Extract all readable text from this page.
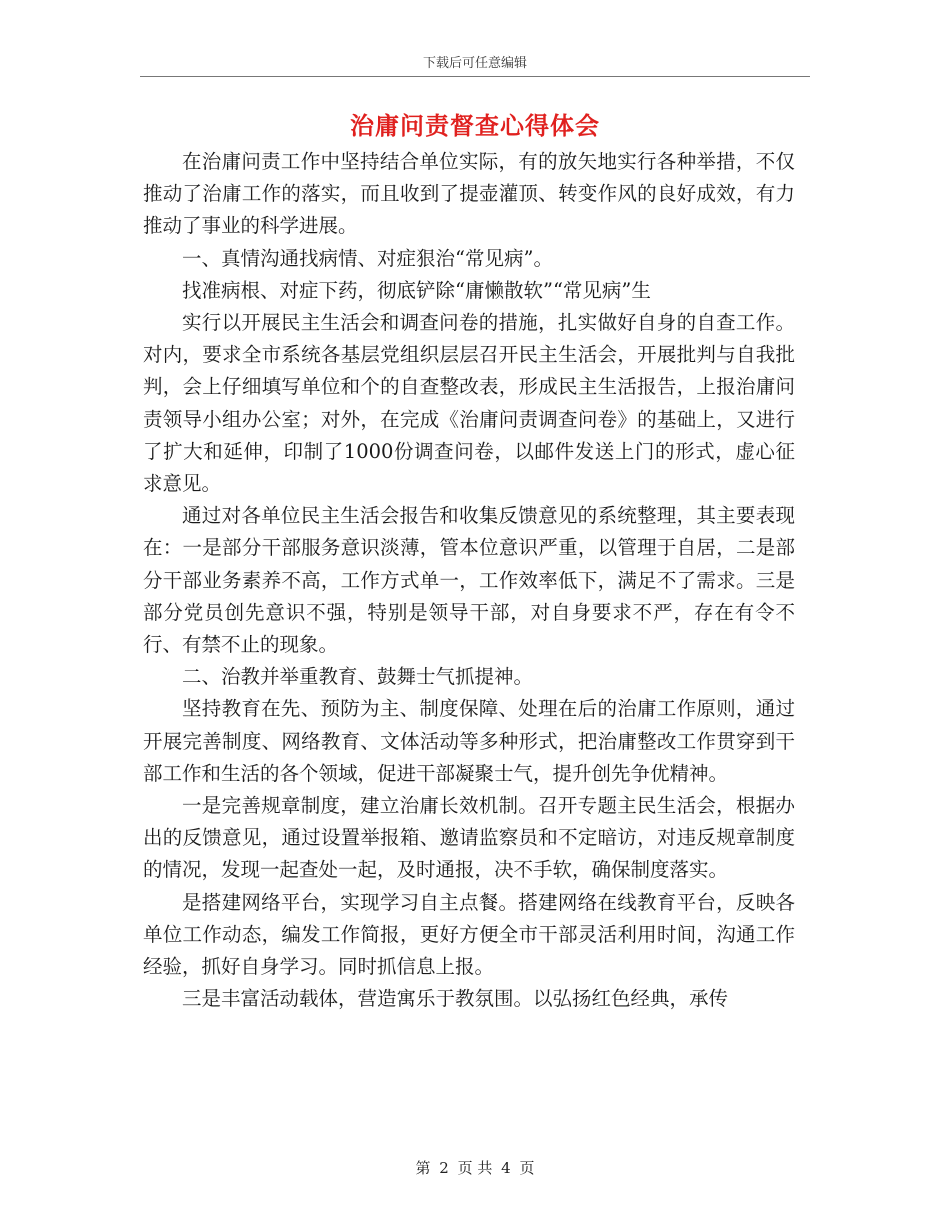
下载后可任意编辑
治庸问责督查心得体会

在治庸问责工作中坚持结合单位实际，有的放矢地实行各种举措，不仅推动了治庸工作的落实，而且收到了提壶灌顶、转变作风的良好成效，有力推动了事业的科学进展。

一、真情沟通找病情、对症狠治“常见病”。

找准病根、对症下药，彻底铲除“庸懒散软”“常见病”生

实行以开展民主生活会和调查问卷的措施，扎实做好自身的自查工作。对内，要求全市系统各基层党组织层层召开民主生活会，开展批判与自我批判，会上仔细填写单位和个的自查整改表，形成民主生活报告，上报治庸问责领导小组办公室；对外，在完成《治庸问责调查问卷》的基础上，又进行了扩大和延伸，印制了1000份调查问卷，以邮件发送上门的形式，虚心征求意见。

通过对各单位民主生活会报告和收集反馈意见的系统整理，其主要表现在：一是部分干部服务意识淡薄，管本位意识严重，以管理于自居，二是部分干部业务素养不高，工作方式单一，工作效率低下，满足不了需求。三是部分党员创先意识不强，特别是领导干部，对自身要求不严，存在有令不行、有禁不止的现象。

二、治教并举重教育、鼓舞士气抓提神。

坚持教育在先、预防为主、制度保障、处理在后的治庸工作原则，通过开展完善制度、网络教育、文体活动等多种形式，把治庸整改工作贯穿到干部工作和生活的各个领域，促进干部凝聚士气，提升创先争优精神。

一是完善规章制度，建立治庸长效机制。召开专题主民生活会，根据办出的反馈意见，通过设置举报箱、邀请监察员和不定暗访，对违反规章制度的情况，发现一起查处一起，及时通报，决不手软，确保制度落实。

是搭建网络平台，实现学习自主点餐。搭建网络在线教育平台，反映各单位工作动态，编发工作简报，更好方便全市干部灵活利用时间，沟通工作经验，抓好自身学习。同时抓信息上报。

三是丰富活动载体，营造寓乐于教氛围。以弘扬红色经典，承传

第 2 页 共 4 页
